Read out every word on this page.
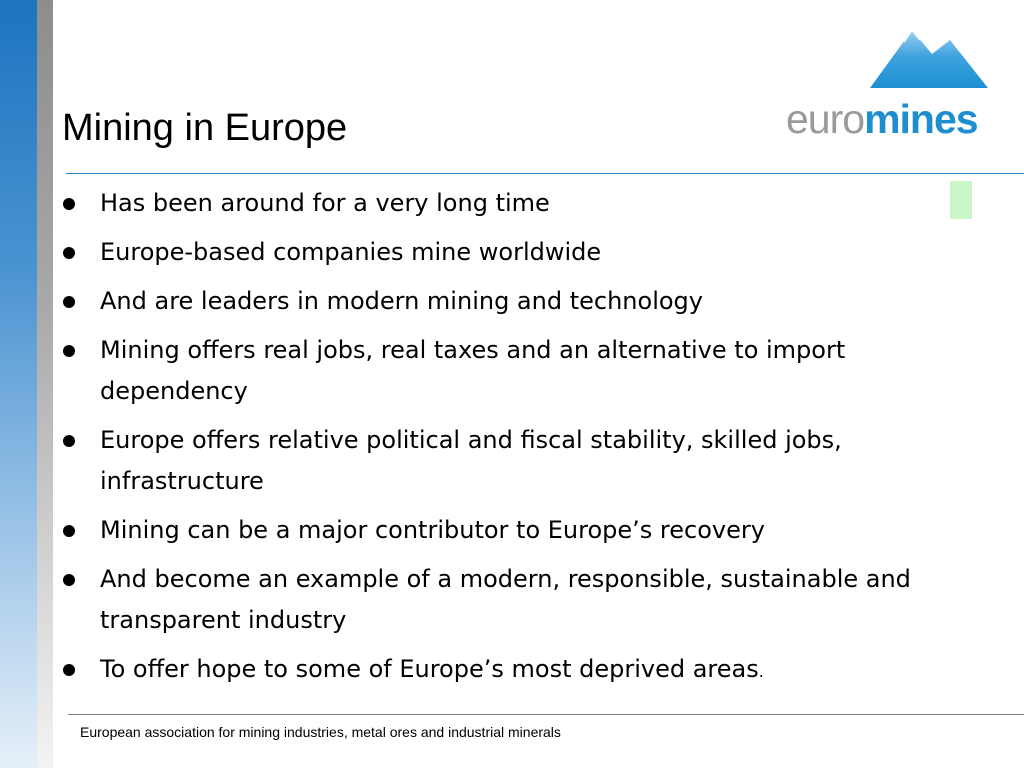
euromines
Mining in Europe
Has been around for a very long time
Europe-based companies mine worldwide
And are leaders in modern mining and technology
Mining offers real jobs, real taxes and an alternative to import dependency
Europe offers relative political and fiscal stability, skilled jobs, infrastructure
Mining can be a major contributor to Europe’s recovery
And become an example of a modern, responsible, sustainable and transparent industry
To offer hope to some of Europe’s most deprived areas.
European association for mining industries, metal ores and industrial minerals
